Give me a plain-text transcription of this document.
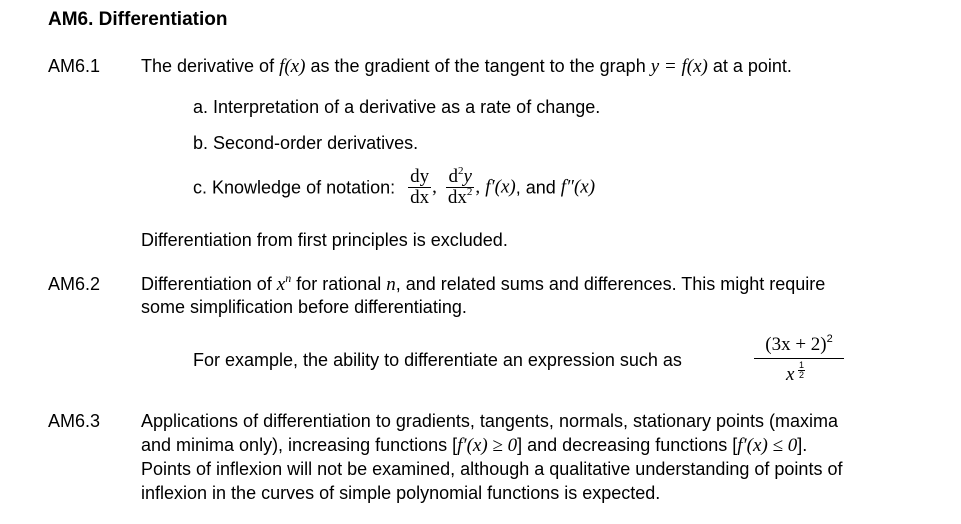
AM6. Differentiation
AM6.1 The derivative of f(x) as the gradient of the tangent to the graph y = f(x) at a point.
a. Interpretation of a derivative as a rate of change.
b. Second-order derivatives.
c. Knowledge of notation: $\frac{dy}{dx}$ , $\frac{d^2y}{dx^2}$ , f′(x), and f″(x)
Differentiation from first principles is excluded.
AM6.2 Differentiation of $x^n$ for rational n, and related sums and differences. This might require
some simplification before differentiating.
For example, the ability to differentiate an expression such as	$\frac{(3x + 2)^2}{x \frac{1}{2}}$
AM6.3 Applications of differentiation to gradients, tangents, normals, stationary points (maxima
and minima only), increasing functions [f′(x) ≥ 0] and decreasing functions [f′(x) ≤ 0].
Points of inflexion will not be examined, although a qualitative understanding of points of
inflexion in the curves of simple polynomial functions is expected.
